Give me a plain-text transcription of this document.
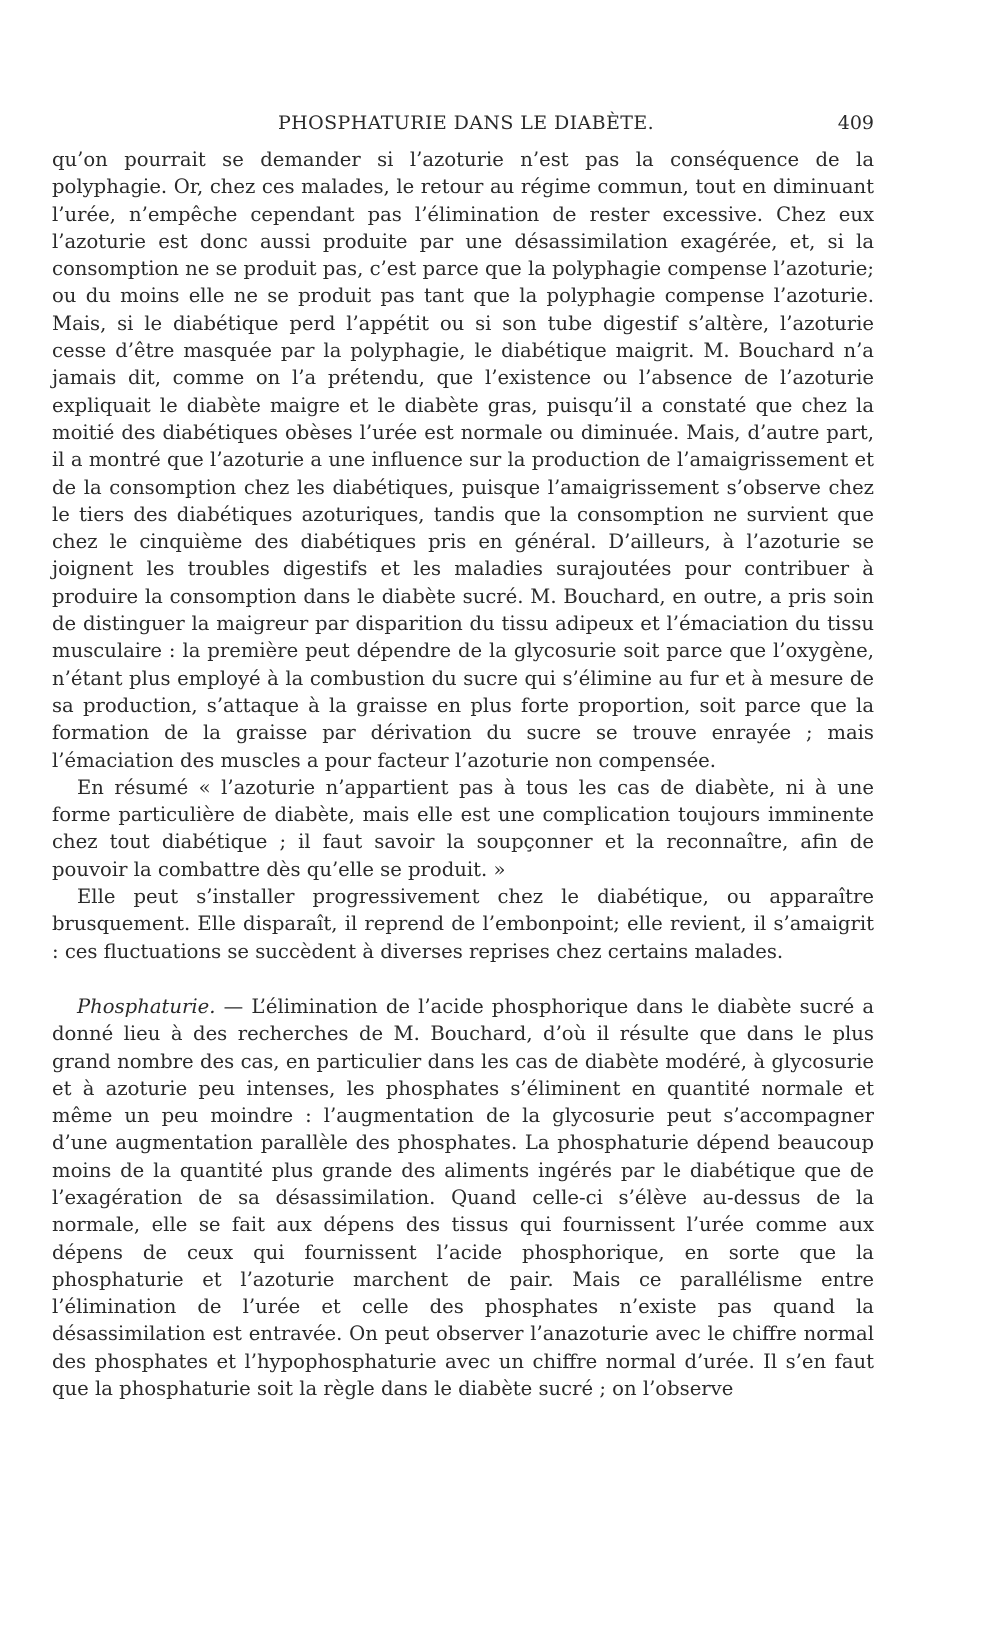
PHOSPHATURIE DANS LE DIABÈTE.	409

qu’on pourrait se demander si l’azoturie n’est pas la conséquence de la polyphagie. Or, chez ces malades, le retour au régime commun, tout en diminuant l’urée, n’empêche cependant pas l’élimination de rester excessive. Chez eux l’azoturie est donc aussi produite par une désassimilation exagérée, et, si la consomption ne se produit pas, c’est parce que la polyphagie compense l’azoturie; ou du moins elle ne se produit pas tant que la polyphagie compense l’azoturie. Mais, si le diabétique perd l’appétit ou si son tube digestif s’altère, l’azoturie cesse d’être masquée par la polyphagie, le diabétique maigrit. M. Bouchard n’a jamais dit, comme on l’a prétendu, que l’existence ou l’absence de l’azoturie expliquait le diabète maigre et le diabète gras, puisqu’il a constaté que chez la moitié des diabétiques obèses l’urée est normale ou diminuée. Mais, d’autre part, il a montré que l’azoturie a une influence sur la production de l’amaigrissement et de la consomption chez les diabétiques, puisque l’amaigrissement s’observe chez le tiers des diabétiques azoturiques, tandis que la consomption ne survient que chez le cinquième des diabétiques pris en général. D’ailleurs, à l’azoturie se joignent les troubles digestifs et les maladies surajoutées pour contribuer à produire la consomption dans le diabète sucré. M. Bouchard, en outre, a pris soin de distinguer la maigreur par disparition du tissu adipeux et l’émaciation du tissu musculaire : la première peut dépendre de la glycosurie soit parce que l’oxygène, n’étant plus employé à la combustion du sucre qui s’élimine au fur et à mesure de sa production, s’attaque à la graisse en plus forte proportion, soit parce que la formation de la graisse par dérivation du sucre se trouve enrayée ; mais l’émaciation des muscles a pour facteur l’azoturie non compensée.

En résumé « l’azoturie n’appartient pas à tous les cas de diabète, ni à une forme particulière de diabète, mais elle est une complication toujours imminente chez tout diabétique ; il faut savoir la soupçonner et la reconnaître, afin de pouvoir la combattre dès qu’elle se produit. »

Elle peut s’installer progressivement chez le diabétique, ou apparaître brusquement. Elle disparaît, il reprend de l’embonpoint; elle revient, il s’amaigrit : ces fluctuations se succèdent à diverses reprises chez certains malades.

Phosphaturie. — L’élimination de l’acide phosphorique dans le diabète sucré a donné lieu à des recherches de M. Bouchard, d’où il résulte que dans le plus grand nombre des cas, en particulier dans les cas de diabète modéré, à glycosurie et à azoturie peu intenses, les phosphates s’éliminent en quantité normale et même un peu moindre : l’augmentation de la glycosurie peut s’accompagner d’une augmentation parallèle des phosphates. La phosphaturie dépend beaucoup moins de la quantité plus grande des aliments ingérés par le diabétique que de l’exagération de sa désassimilation. Quand celle-ci s’élève au-dessus de la normale, elle se fait aux dépens des tissus qui fournissent l’urée comme aux dépens de ceux qui fournissent l’acide phosphorique, en sorte que la phosphaturie et l’azoturie marchent de pair. Mais ce parallélisme entre l’élimination de l’urée et celle des phosphates n’existe pas quand la désassimilation est entravée. On peut observer l’anazoturie avec le chiffre normal des phosphates et l’hypophosphaturie avec un chiffre normal d’urée. Il s’en faut que la phosphaturie soit la règle dans le diabète sucré ; on l’observe
